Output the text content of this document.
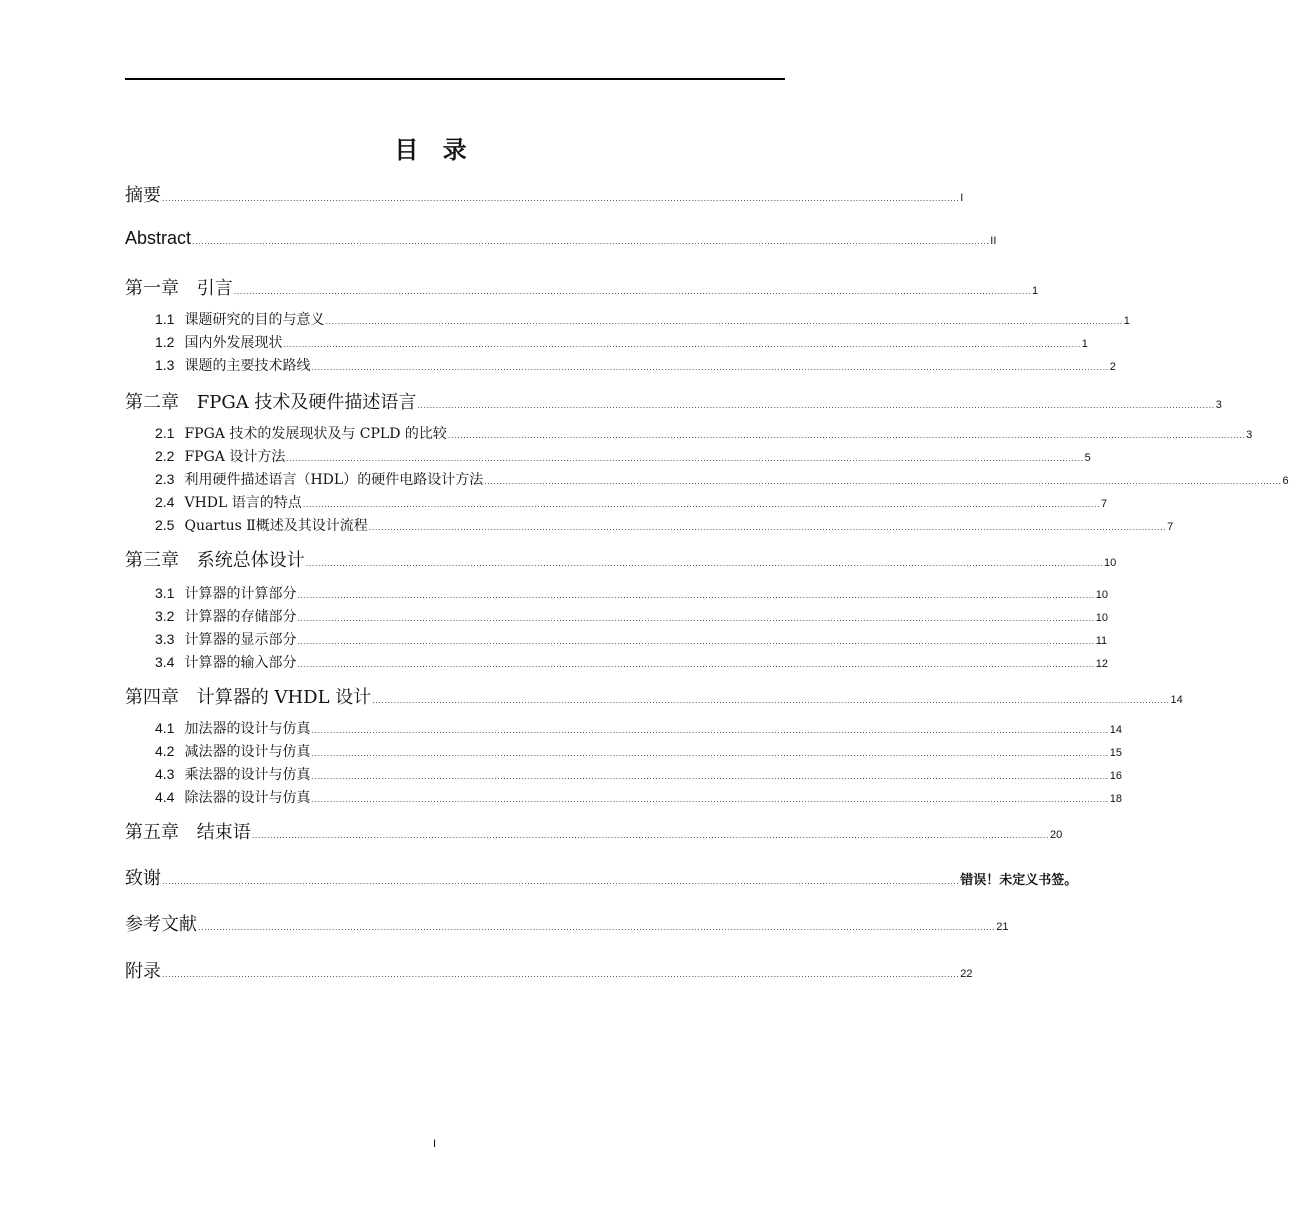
目 录
摘要 ...................................................................................................................................................................................................................................................................... I
Abstract ...................................................................................................................................................................................................................................................................... II
第一章 引言 ...................................................................................................................................................................................................................................................................... 1
1.1 课题研究的目的与意义 ...................................................................................................................................................................................................................................................................... 1
1.2 国内外发展现状 ...................................................................................................................................................................................................................................................................... 1
1.3 课题的主要技术路线 ...................................................................................................................................................................................................................................................................... 2
第二章 FPGA 技术及硬件描述语言 ...................................................................................................................................................................................................................................................................... 3
2.1 FPGA 技术的发展现状及与 CPLD 的比较 ...................................................................................................................................................................................................................................................................... 3
2.2 FPGA 设计方法 ...................................................................................................................................................................................................................................................................... 5
2.3 利用硬件描述语言（HDL）的硬件电路设计方法 ...................................................................................................................................................................................................................................................................... 6
2.4 VHDL 语言的特点 ...................................................................................................................................................................................................................................................................... 7
2.5 Quartus Ⅱ概述及其设计流程 ...................................................................................................................................................................................................................................................................... 7
第三章 系统总体设计 ...................................................................................................................................................................................................................................................................... 10
3.1 计算器的计算部分 ...................................................................................................................................................................................................................................................................... 10
3.2 计算器的存储部分 ...................................................................................................................................................................................................................................................................... 10
3.3 计算器的显示部分 ...................................................................................................................................................................................................................................................................... 11
3.4 计算器的输入部分 ...................................................................................................................................................................................................................................................................... 12
第四章 计算器的 VHDL 设计 ...................................................................................................................................................................................................................................................................... 14
4.1 加法器的设计与仿真 ...................................................................................................................................................................................................................................................................... 14
4.2 减法器的设计与仿真 ...................................................................................................................................................................................................................................................................... 15
4.3 乘法器的设计与仿真 ...................................................................................................................................................................................................................................................................... 16
4.4 除法器的设计与仿真 ...................................................................................................................................................................................................................................................................... 18
第五章 结束语 ...................................................................................................................................................................................................................................................................... 20
致谢 ...................................................................................................................................................................................................................................................................... 错误！未定义书签。
参考文献 ...................................................................................................................................................................................................................................................................... 21
附录 ...................................................................................................................................................................................................................................................................... 22
I
